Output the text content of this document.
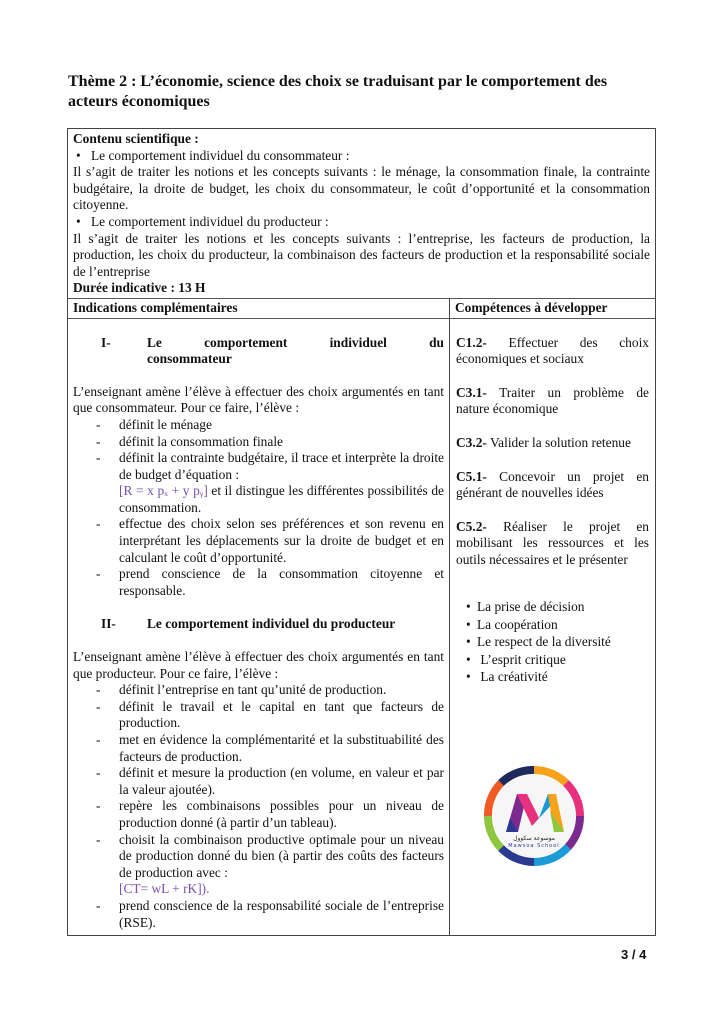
Thème 2 : L’économie, science des choix se traduisant par le comportement des acteurs économiques
Contenu scientifique :
• Le comportement individuel du consommateur :
Il s’agit de traiter les notions et les concepts suivants : le ménage, la consommation finale, la contrainte budgétaire, la droite de budget, les choix du consommateur, le coût d’opportunité et la consommation citoyenne.
• Le comportement individuel du producteur :
Il s’agit de traiter les notions et les concepts suivants : l’entreprise, les facteurs de production, la production, les choix du producteur, la combinaison des facteurs de production et la responsabilité sociale de l’entreprise
Durée indicative : 13 H
Indications complémentaires	Compétences à développer
I-	Le comportement individuel du
consommateur
L’enseignant amène l’élève à effectuer des choix argumentés en tant que consommateur. Pour ce faire, l’élève :
-	définit le ménage
-	définit la consommation finale
-	définit la contrainte budgétaire, il trace et interprète la droite de budget d’équation :
[R = x pₓ + y pᵧ] et il distingue les différentes possibilités de consommation.
-	effectue des choix selon ses préférences et son revenu en interprétant les déplacements sur la droite de budget et en calculant le coût d’opportunité.
-	prend conscience de la consommation citoyenne et responsable.
II-	Le comportement individuel du producteur
L’enseignant amène l’élève à effectuer des choix argumentés en tant que producteur. Pour ce faire, l’élève :
-	définit l’entreprise en tant qu’unité de production.
-	définit le travail et le capital en tant que facteurs de production.
-	met en évidence la complémentarité et la substituabilité des facteurs de production.
-	définit et mesure la production (en volume, en valeur et par la valeur ajoutée).
-	repère les combinaisons possibles pour un niveau de production donné (à partir d’un tableau).
-	choisit la combinaison productive optimale pour un niveau de production donné du bien (à partir des coûts des facteurs de production avec :
[CT= wL + rK]).
-	prend conscience de la responsabilité sociale de l’entreprise (RSE).
C1.2- Effectuer des choix économiques et sociaux
C3.1- Traiter un problème de nature économique
C3.2- Valider la solution retenue
C5.1- Concevoir un projet en générant de nouvelles idées
C5.2- Réaliser le projet en mobilisant les ressources et les outils nécessaires et le présenter
• La prise de décision
• La coopération
• Le respect de la diversité
•
L’esprit critique
•
La créativité
موسوعة سكوول
Mawsoa School
3 / 4
